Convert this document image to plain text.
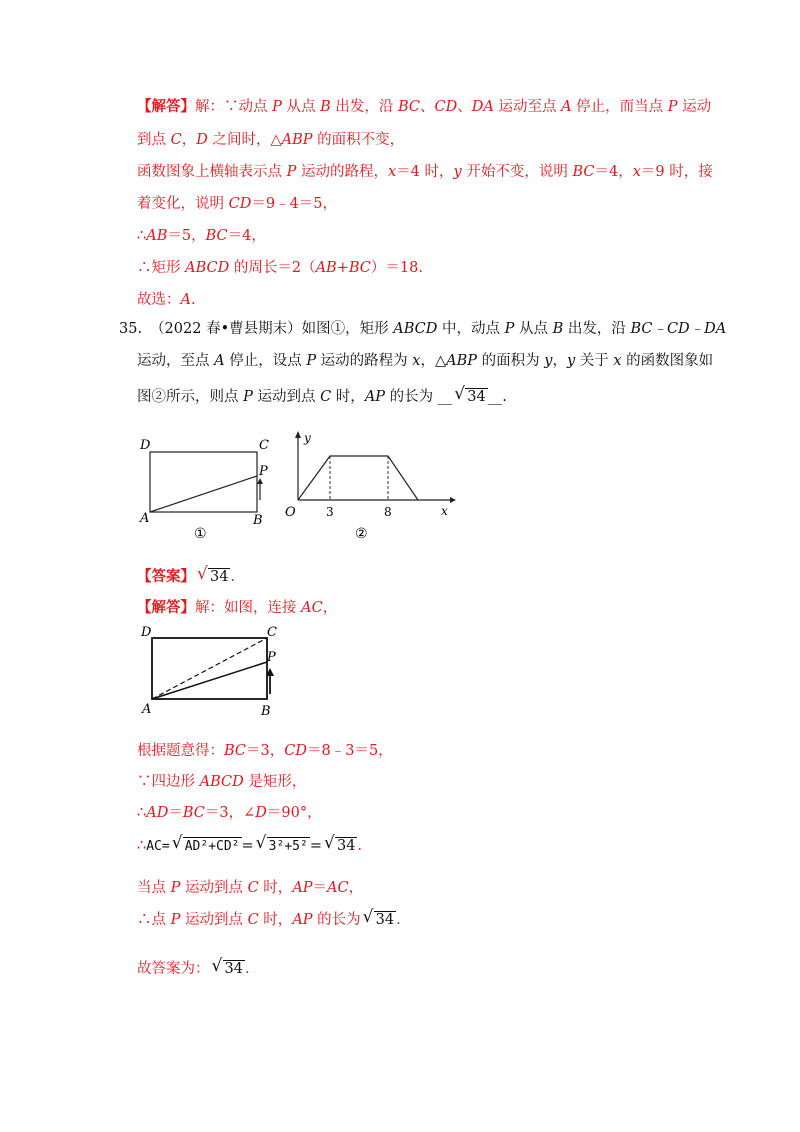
【解答】解：∵动点 P 从点 B 出发，沿 BC、CD、DA 运动至点 A 停止，而当点 P 运动
到点 C，D 之间时，△ABP 的面积不变，
函数图象上横轴表示点 P 运动的路程，x＝4 时，y 开始不变，说明 BC＝4，x＝9 时，接
着变化，说明 CD＝9﹣4＝5，
∴AB＝5，BC＝4，
∴矩形 ABCD 的周长＝2（AB+BC）＝18.
故选：A.
35. （2022 春•曹县期末）如图①，矩形 ABCD 中，动点 P 从点 B 出发，沿 BC﹣CD﹣DA
运动，至点 A 停止，设点 P 运动的路程为 x，△ABP 的面积为 y，y 关于 x 的函数图象如
图②所示，则点 P 运动到点 C 时，AP 的长为 __ √ 34 __.
D	C
P
A	B
①
y
O	3	8	x
②
【答案】 √ 34 .
【解答】解：如图，连接 AC，
D	C
P
A	B
根据题意得：BC＝3，CD＝8﹣3＝5，
∵四边形 ABCD 是矩形，
∴AD＝BC＝3，∠D＝90°，
∴AC= √ AD²+CD² = √ 3²+5² = √ 34 .
当点 P 运动到点 C 时，AP＝AC，
∴点 P 运动到点 C 时，AP 的长为 √ 34 .
故答案为： √ 34 .
